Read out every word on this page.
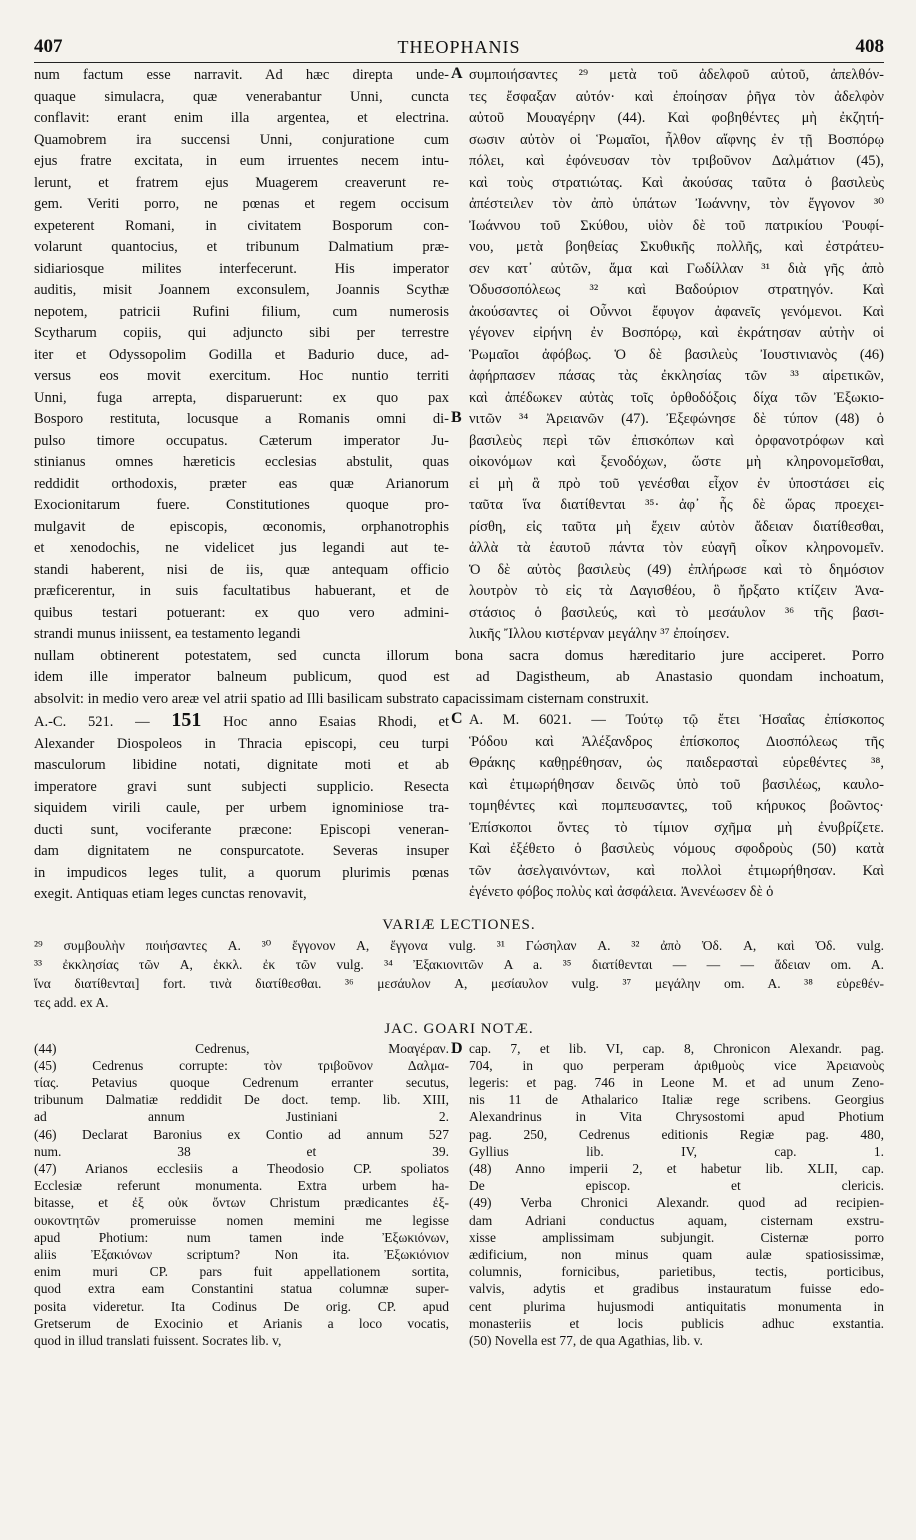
407	THEOPHANIS	408
num factum esse narravit. Ad hæc direpta unde-
quaque simulacra, quæ venerabantur Unni, cuncta
conflavit: erant enim illa argentea, et electrina.
Quamobrem ira succensi Unni, conjuratione cum
ejus fratre excitata, in eum irruentes necem intu-
lerunt, et fratrem ejus Muagerem creaverunt re-
gem. Veriti porro, ne pœnas et regem occisum
expeterent Romani, in civitatem Bosporum con-
volarunt quantocius, et tribunum Dalmatium præ-
sidiariosque milites interfecerunt. His imperator
auditis, misit Joannem exconsulem, Joannis Scythæ
nepotem, patricii Rufini filium, cum numerosis
Scytharum copiis, qui adjuncto sibi per terrestre
iter et Odyssopolim Godilla et Badurio duce, ad-
versus eos movit exercitum. Hoc nuntio territi
Unni, fuga arrepta, disparuerunt: ex quo pax
Bosporo restituta, locusque a Romanis omni di-
pulso timore occupatus. Cæterum imperator Ju-
stinianus omnes hæreticis ecclesias abstulit, quas
reddidit orthodoxis, præter eas quæ Arianorum
Exocionitarum fuere. Constitutiones quoque pro-
mulgavit de episcopis, œconomis, orphanotrophis
et xenodochis, ne videlicet jus legandi aut te-
standi haberent, nisi de iis, quæ antequam officio
præficerentur, in suis facultatibus habuerant, et de
quibus testari potuerant: ex quo vero admini-
strandi munus iniissent, ea testamento legandi
συμποιήσαντες ²⁹ μετὰ τοῦ ἀδελφοῦ αὐτοῦ, ἀπελθόν-
τες ἔσφαξαν αὐτόν· καὶ ἐποίησαν ῥῆγα τὸν ἀδελφὸν
αὐτοῦ Μουαγέρην (44). Καὶ φοβηθέντες μὴ ἐκζητή-
σωσιν αὐτὸν οἱ Ῥωμαῖοι, ἦλθον αἴφνης ἐν τῇ Βοσπόρῳ
πόλει, καὶ ἐφόνευσαν τὸν τριβοῦνον Δαλμάτιον (45),
καὶ τοὺς στρατιώτας. Καὶ ἀκούσας ταῦτα ὁ βασιλεὺς
ἀπέστειλεν τὸν ἀπὸ ὑπάτων Ἰωάννην, τὸν ἔγγονον ³⁰
Ἰωάννου τοῦ Σκύθου, υἱὸν δὲ τοῦ πατρικίου Ῥουφί-
νου, μετὰ βοηθείας Σκυθικῆς πολλῆς, καὶ ἐστράτευ-
σεν κατ᾽ αὐτῶν, ἅμα καὶ Γωδίλλαν ³¹ διὰ γῆς ἀπὸ
Ὀδυσσοπόλεως ³² καὶ Βαδούριον στρατηγόν. Καὶ
ἀκούσαντες οἱ Οὖννοι ἔφυγον ἀφανεῖς γενόμενοι. Καὶ
γέγονεν εἰρήνη ἐν Βοσπόρῳ, καὶ ἐκράτησαν αὐτὴν οἱ
Ῥωμαῖοι ἀφόβως. Ὁ δὲ βασιλεὺς Ἰουστινιανὸς (46)
ἀφήρπασεν πάσας τὰς ἐκκλησίας τῶν ³³ αἱρετικῶν,
καὶ ἀπέδωκεν αὐτὰς τοῖς ὀρθοδόξοις δίχα τῶν Ἐξωκιο-
νιτῶν ³⁴ Ἀρειανῶν (47). Ἐξεφώνησε δὲ τύπον (48) ὁ
βασιλεὺς περὶ τῶν ἐπισκόπων καὶ ὀρφανοτρόφων καὶ
οἰκονόμων καὶ ξενοδόχων, ὥστε μὴ κληρονομεῖσθαι,
εἰ μὴ ἃ πρὸ τοῦ γενέσθαι εἶχον ἐν ὑποστάσει εἰς
ταῦτα ἵνα διατίθενται ³⁵· ἀφ᾽ ἧς δὲ ὥρας προεχει-
ρίσθη, εἰς ταῦτα μὴ ἔχειν αὐτὸν ἄδειαν διατίθεσθαι,
ἀλλὰ τὰ ἑαυτοῦ πάντα τὸν εὐαγῆ οἶκον κληρονομεῖν.
Ὁ δὲ αὐτὸς βασιλεὺς (49) ἐπλήρωσε καὶ τὸ δημόσιον
λουτρὸν τὸ εἰς τὰ Δαγισθέου, ὃ ἤρξατο κτίζειν Ἀνα-
στάσιος ὁ βασιλεύς, καὶ τὸ μεσάυλον ³⁶ τῆς βασι-
λικῆς Ἴλλου κιστέρναν μεγάλην ³⁷ ἐποίησεν.
A
B
nullam obtinerent potestatem, sed cuncta illorum bona sacra domus hæreditario jure acciperet. Porro
idem ille imperator balneum publicum, quod est ad Dagistheum, ab Anastasio quondam inchoatum,
absolvit: in medio vero areæ vel atrii spatio ad Illi basilicam substrato capacissimam cisternam construxit.
A.-C. 521. — 151 Hoc anno Esaias Rhodi, et
Alexander Diospoleos in Thracia episcopi, ceu turpi
masculorum libidine notati, dignitate moti et ab
imperatore gravi sunt subjecti supplicio. Resecta
siquidem virili caule, per urbem ignominiose tra-
ducti sunt, vociferante præcone: Episcopi veneran-
dam dignitatem ne conspurcatote. Severas insuper
in impudicos leges tulit, a quorum plurimis pœnas
exegit. Antiquas etiam leges cunctas renovavit,
A. M. 6021. — Τούτῳ τῷ ἔτει Ἡσαΐας ἐπίσκοπος
Ῥόδου καὶ Ἀλέξανδρος ἐπίσκοπος Διοσπόλεως τῆς
Θράκης καθῃρέθησαν, ὡς παιδερασταὶ εὑρεθέντες ³⁸,
καὶ ἐτιμωρήθησαν δεινῶς ὑπὸ τοῦ βασιλέως, καυλο-
τομηθέντες καὶ πομπευσαντες, τοῦ κήρυκος βοῶντος·
Ἐπίσκοποι ὄντες τὸ τίμιον σχῆμα μὴ ἐνυβρίζετε.
Καὶ ἐξέθετο ὁ βασιλεὺς νόμους σφοδροὺς (50) κατὰ
τῶν ἀσελγαινόντων, καὶ πολλοὶ ἐτιμωρήθησαν. Καὶ
ἐγένετο φόβος πολὺς καὶ ἀσφάλεια. Ἀνενέωσεν δὲ ὁ
C
VARIÆ LECTIONES.
²⁹ συμβουλὴν ποιήσαντες A. ³⁰ ἔγγονον A, ἔγγονα vulg. ³¹ Γώσηλαν A. ³² ἀπὸ Ὀδ. A, καὶ Ὀδ. vulg.
³³ ἐκκλησίας τῶν A, ἐκκλ. ἐκ τῶν vulg. ³⁴ Ἐξακιονιτῶν A a. ³⁵ διατίθενται — — — ἄδειαν om. A.
ἵνα διατίθενται] fort. τινὰ διατίθεσθαι. ³⁶ μεσάυλον A, μεσίαυλον vulg. ³⁷ μεγάλην om. A. ³⁸ εὑρεθέν-
τες add. ex A.
JAC. GOARI NOTÆ.
(44) Cedrenus, Μοαγέραν.
(45) Cedrenus corrupte: τὸν τριβοῦνον Δαλμα-
τίας. Petavius quoque Cedrenum erranter secutus,
tribunum Dalmatiæ reddidit De doct. temp. lib. XIII,
ad annum Justiniani 2.
(46) Declarat Baronius ex Contio ad annum 527
num. 38 et 39.
(47) Arianos ecclesiis a Theodosio CP. spoliatos
Ecclesiæ referunt monumenta. Extra urbem ha-
bitasse, et ἐξ οὐκ ὄντων Christum prædicantes ἐξ-
ουκοντητῶν promeruisse nomen memini me legisse
apud Photium: num tamen inde Ἐξωκιόνων,
aliis Ἐξακιόνων scriptum? Non ita. Ἐξωκιόνιον
enim muri CP. pars fuit appellationem sortita,
quod extra eam Constantini statua columnæ super-
posita videretur. Ita Codinus De orig. CP. apud
Gretserum de Exocinio et Arianis a loco vocatis,
quod in illud translati fuissent. Socrates lib. v,
cap. 7, et lib. VI, cap. 8, Chronicon Alexandr. pag.
704, in quo perperam ἀριθμοὺς vice Ἀρειανοὺς
legeris: et pag. 746 in Leone M. et ad unum Zeno-
nis 11 de Athalarico Italiæ rege scribens. Georgius
Alexandrinus in Vita Chrysostomi apud Photium
pag. 250, Cedrenus editionis Regiæ pag. 480,
Gyllius lib. IV, cap. 1.
(48) Anno imperii 2, et habetur lib. XLII, cap.
De episcop. et clericis.
(49) Verba Chronici Alexandr. quod ad recipien-
dam Adriani conductus aquam, cisternam exstru-
xisse amplissimam subjungit. Cisternæ porro
ædificium, non minus quam aulæ spatiosissimæ,
columnis, fornicibus, parietibus, tectis, porticibus,
valvis, adytis et gradibus instauratum fuisse edo-
cent plurima hujusmodi antiquitatis monumenta in
monasteriis et locis publicis adhuc exstantia.
(50) Novella est 77, de qua Agathias, lib. v.
D
